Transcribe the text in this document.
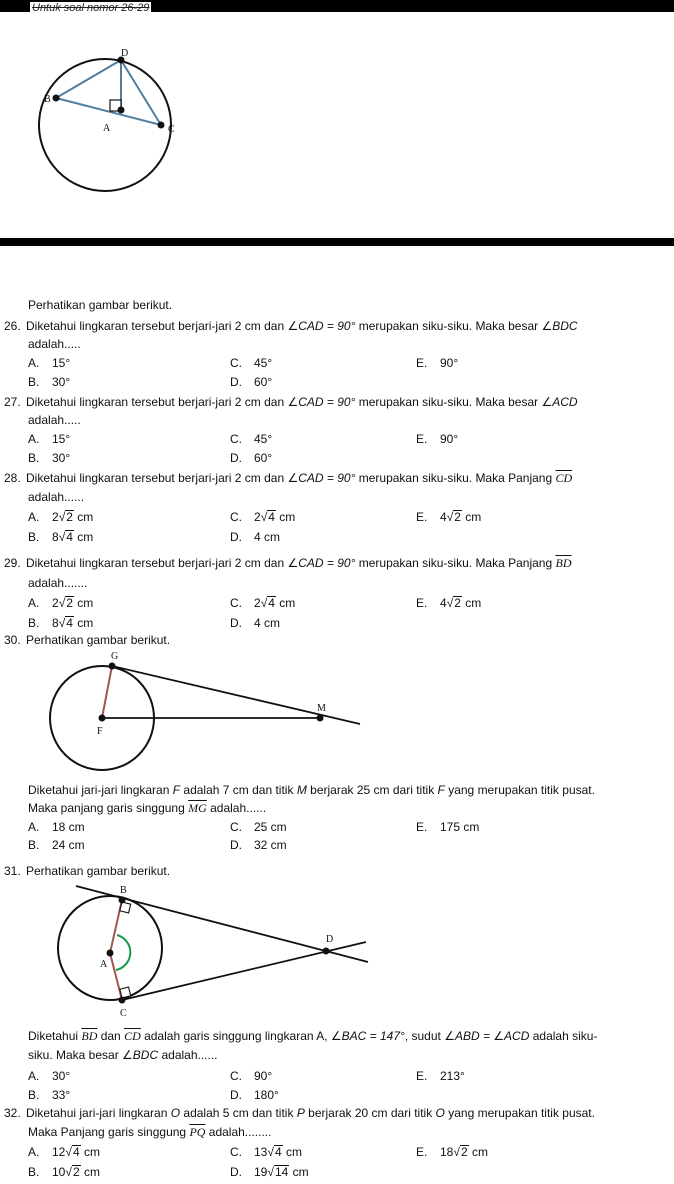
Untuk soal nomor 26-29
D
B
A	C
Perhatikan gambar berikut.
26. Diketahui lingkaran tersebut berjari-jari 2 cm dan ∠CAD = 90° merupakan siku-siku. Maka besar ∠BDC
adalah.....
A. 15°
B. 30°
C. 45°
D. 60°
E. 90°
27. Diketahui lingkaran tersebut berjari-jari 2 cm dan ∠CAD = 90° merupakan siku-siku. Maka besar ∠ACD
adalah.....
A. 15°
B. 30°
C. 45°
D. 60°
E. 90°
28. Diketahui lingkaran tersebut berjari-jari 2 cm dan ∠CAD = 90° merupakan siku-siku. Maka Panjang $\overline{CD}$
adalah......
A. 2√2 cm
B. 8√4 cm
C. 2√4 cm
D. 4 cm
E. 4√2 cm
29. Diketahui lingkaran tersebut berjari-jari 2 cm dan ∠CAD = 90° merupakan siku-siku. Maka Panjang $\overline{BD}$
adalah.......
A. 2√2 cm
B. 8√4 cm
C. 2√4 cm
D. 4 cm
E. 4√2 cm
30. Perhatikan gambar berikut.
G
M
F
Diketahui jari-jari lingkaran F adalah 7 cm dan titik M berjarak 25 cm dari titik F yang merupakan titik pusat.
Maka panjang garis singgung $\overline{MG}$ adalah......
A. 18 cm
B. 24 cm
C. 25 cm
D. 32 cm
E. 175 cm
31. Perhatikan gambar berikut.
B
A
C
D
Diketahui $\overline{BD}$ dan $\overline{CD}$ adalah garis singgung lingkaran A, ∠BAC = 147°, sudut ∠ABD = ∠ACD adalah siku-
siku. Maka besar ∠BDC adalah......
A. 30°
B. 33°
C. 90°
D. 180°
E. 213°
32. Diketahui jari-jari lingkaran O adalah 5 cm dan titik P berjarak 20 cm dari titik O yang merupakan titik pusat.
Maka Panjang garis singgung $\overline{PQ}$ adalah........
A. 12√4 cm
B. 10√2 cm
C. 13√4 cm
D. 19√14 cm
E. 18√2 cm
